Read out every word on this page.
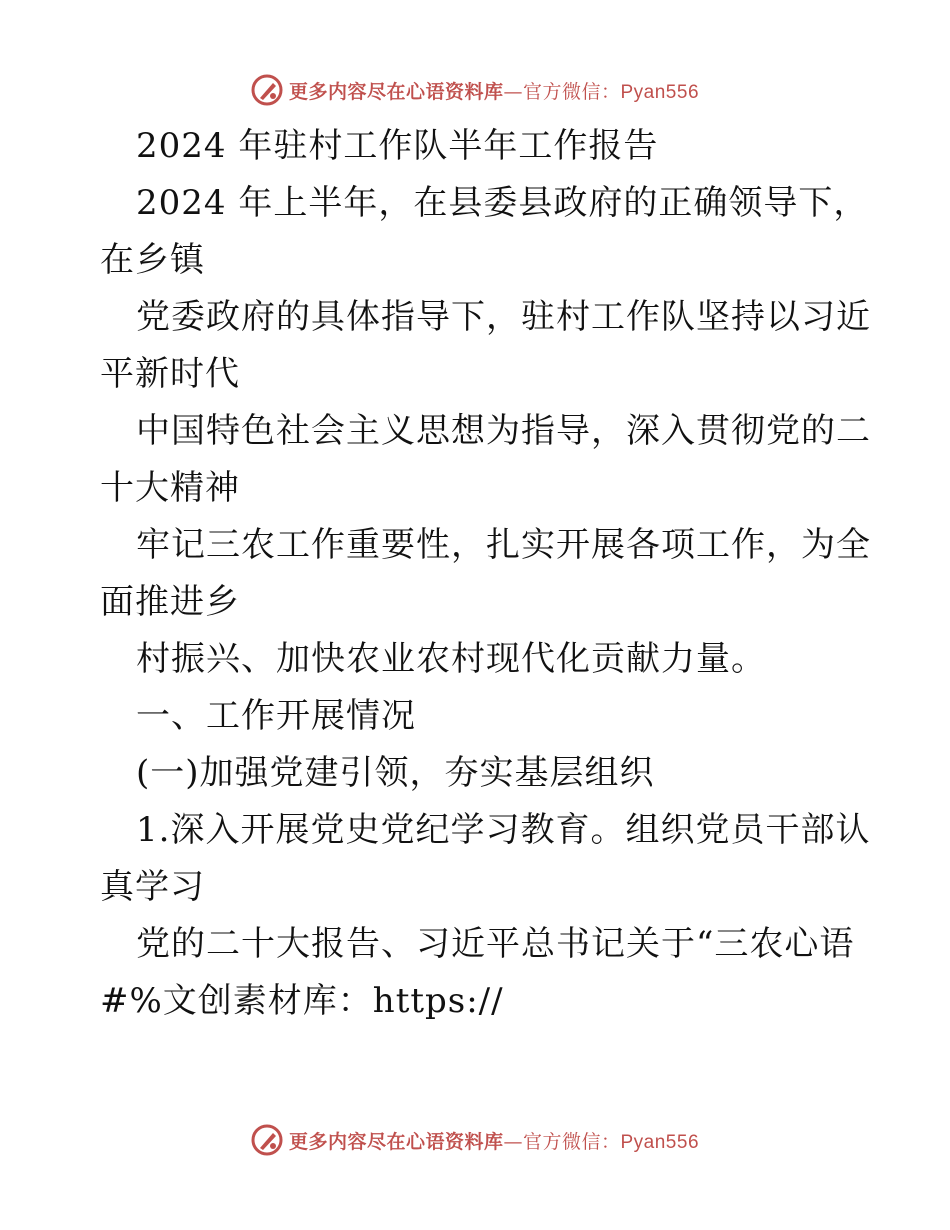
更多内容尽在心语资料库—官方微信：Pyan556
2024 年驻村工作队半年工作报告
2024 年上半年，在县委县政府的正确领导下，
在乡镇
党委政府的具体指导下，驻村工作队坚持以习近
平新时代
中国特色社会主义思想为指导，深入贯彻党的二
十大精神
牢记三农工作重要性，扎实开展各项工作，为全
面推进乡
村振兴、加快农业农村现代化贡献力量。
一、工作开展情况
(一)加强党建引领，夯实基层组织
1.深入开展党史党纪学习教育。组织党员干部认
真学习
党的二十大报告、习近平总书记关于“三农心语
#%文创素材库：https://
更多内容尽在心语资料库—官方微信：Pyan556
